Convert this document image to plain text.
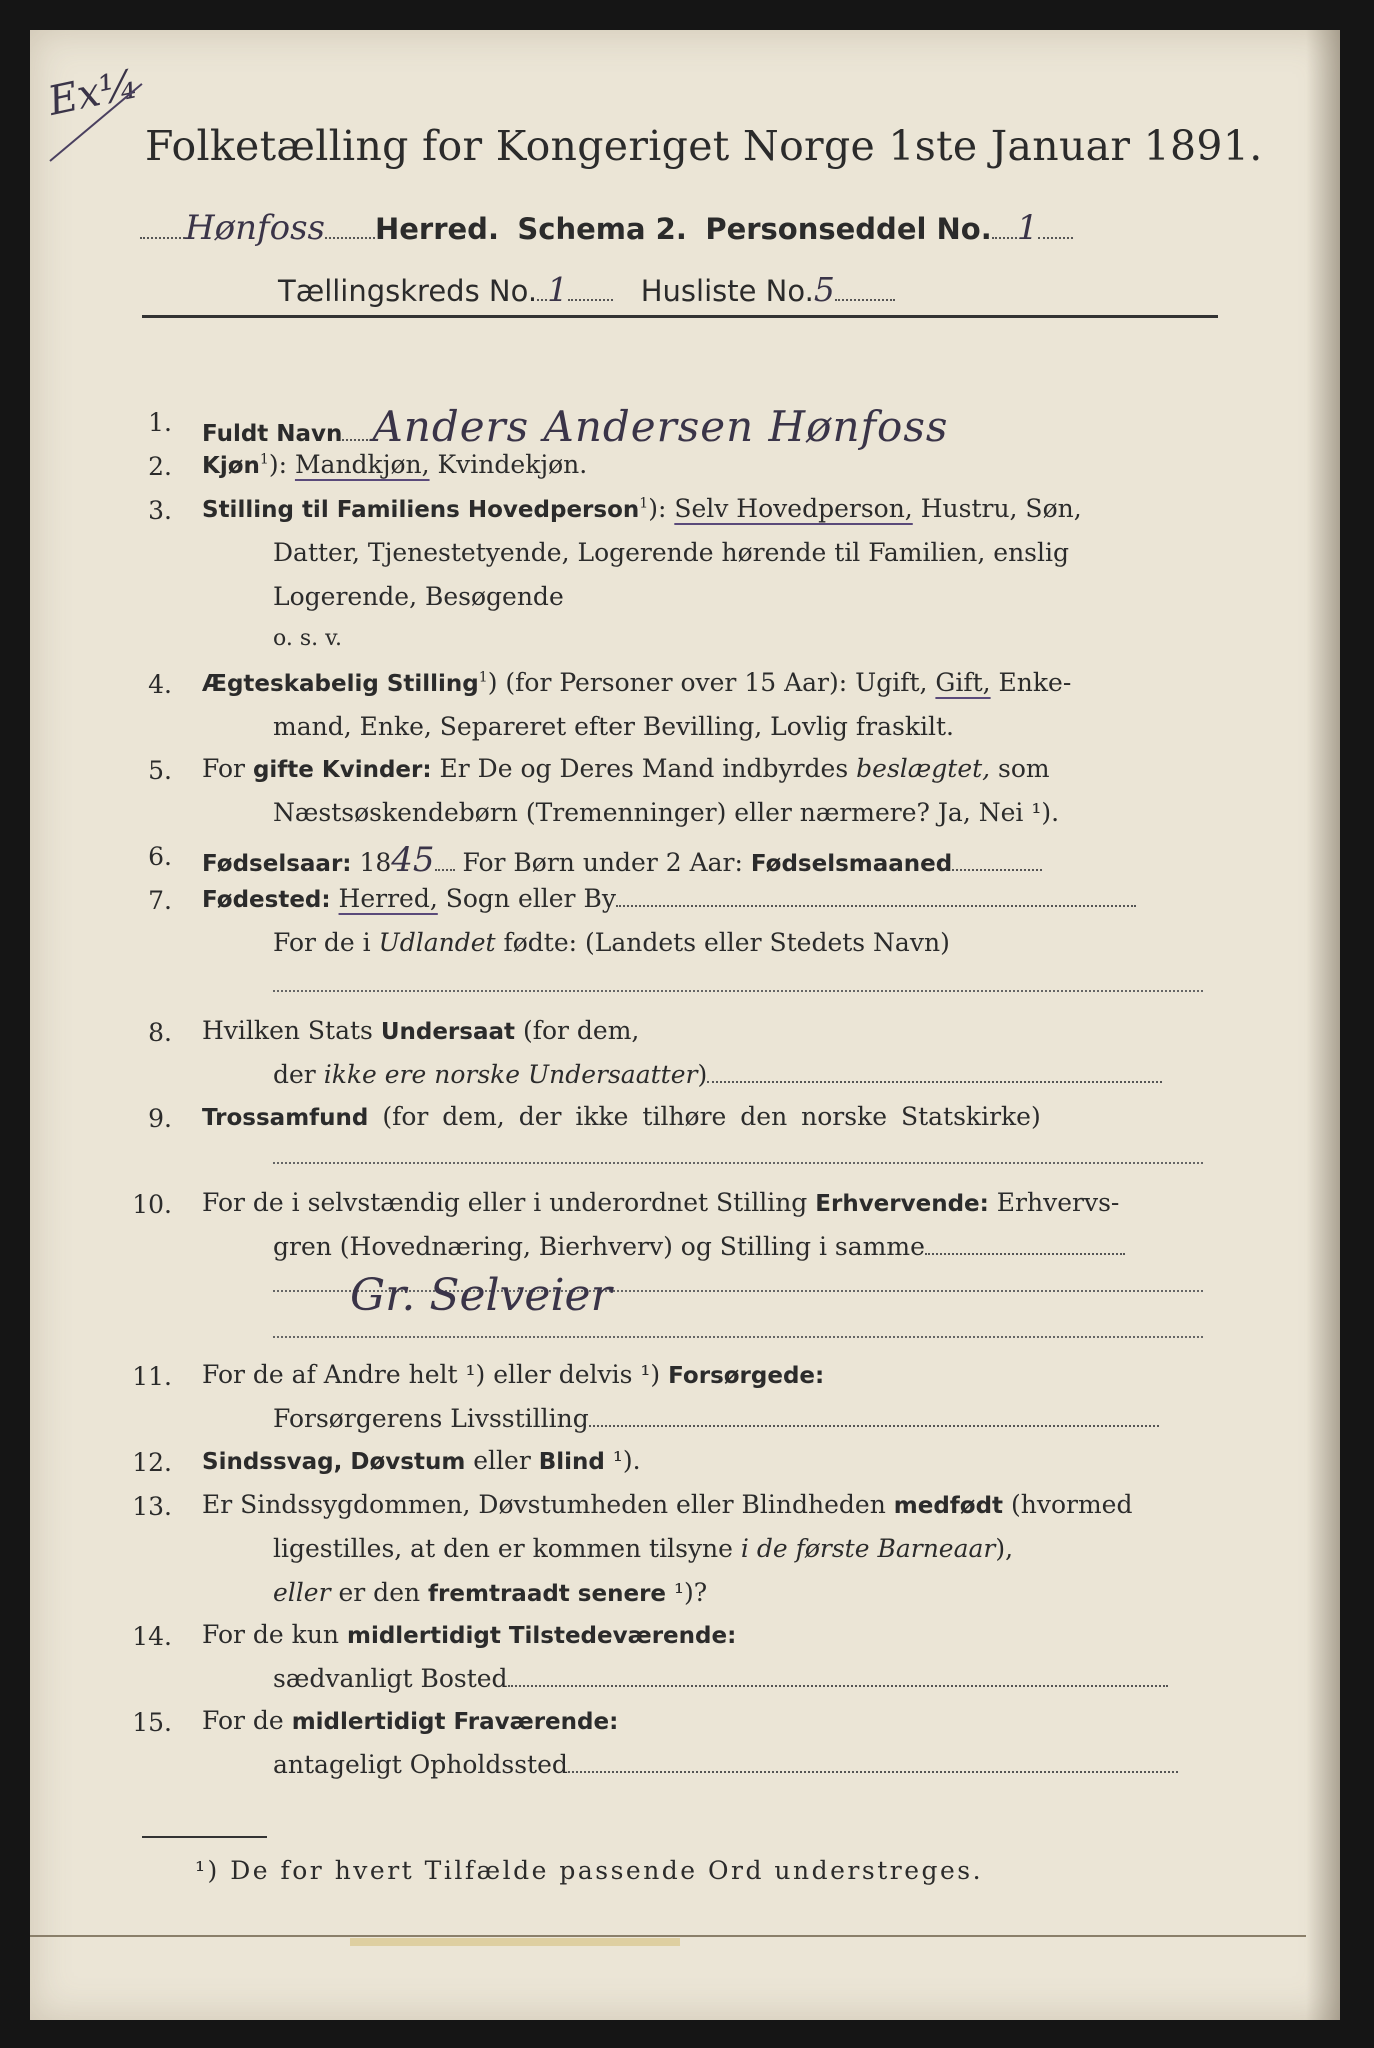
Ex¼
Folketælling for Kongeriget Norge 1ste Januar 1891.
Hønfoss Herred. Schema 2. Personseddel No. 1
Tællingskreds No. 1	Husliste No.5
1. Fuldt Navn Anders Andersen Hønfoss
2. Kjøn$^1$): Mandkjøn, Kvindekjøn.
3. Stilling til Familiens Hovedperson$^1$): Selv Hovedperson, Hustru, Søn,
Datter, Tjenestetyende, Logerende hørende til Familien, enslig
Logerende, Besøgende
o. s. v.
4. Ægteskabelig Stilling$^1$) (for Personer over 15 Aar): Ugift, Gift, Enke-
mand, Enke, Separeret efter Bevilling, Lovlig fraskilt.
5. For gifte Kvinder: Er De og Deres Mand indbyrdes beslægtet, som
Næstsøskendebørn (Tremenninger) eller nærmere? Ja, Nei ¹).
6. Fødselsaar: 1845 For Børn under 2 Aar: Fødselsmaaned
7. Fødested: Herred, Sogn eller By
For de i Udlandet fødte: (Landets eller Stedets Navn)
8. Hvilken Stats Undersaat (for dem,
der ikke ere norske Undersaatter)
9. Trossamfund (for dem, der ikke tilhøre den norske Statskirke)
10. For de i selvstændig eller i underordnet Stilling Erhvervende: Erhvervs-
gren (Hovednæring, Bierhverv) og Stilling i samme
Gr. Selveier
11. For de af Andre helt ¹) eller delvis ¹) Forsørgede:
Forsørgerens Livsstilling
12. Sindssvag, Døvstum eller Blind ¹).
13. Er Sindssygdommen, Døvstumheden eller Blindheden medfødt (hvormed
ligestilles, at den er kommen tilsyne i de første Barneaar),
eller er den fremtraadt senere ¹)?
14. For de kun midlertidigt Tilstedeværende:
sædvanligt Bosted
15. For de midlertidigt Fraværende:
antageligt Opholdssted
¹) De for hvert Tilfælde passende Ord understreges.
